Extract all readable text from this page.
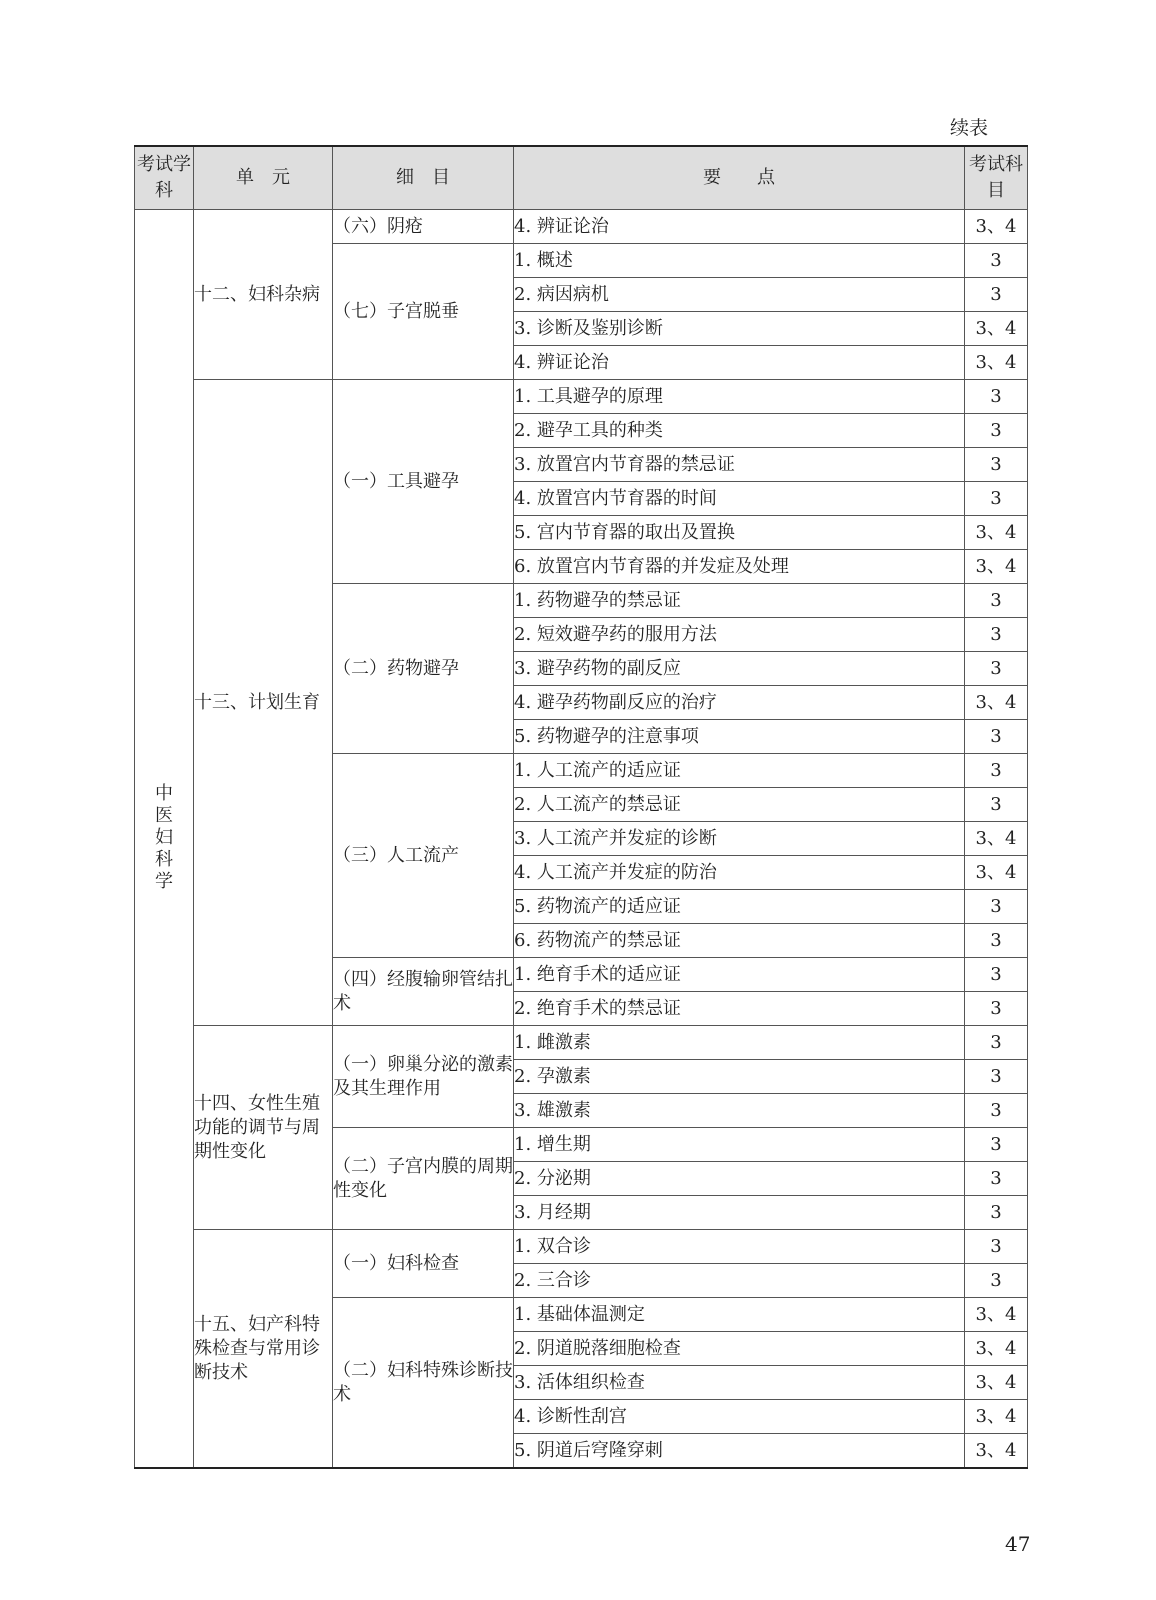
续表
考试学科	单　元	细　目	要　　点	考试科目
中医妇科学	十二、妇科杂病	（六）阴疮	4. 辨证论治	3、4
		（七）子宫脱垂	1. 概述	3
			2. 病因病机	3
			3. 诊断及鉴别诊断	3、4
			4. 辨证论治	3、4
	十三、计划生育	（一）工具避孕	1. 工具避孕的原理	3
			2. 避孕工具的种类	3
			3. 放置宫内节育器的禁忌证	3
			4. 放置宫内节育器的时间	3
			5. 宫内节育器的取出及置换	3、4
			6. 放置宫内节育器的并发症及处理	3、4
		（二）药物避孕	1. 药物避孕的禁忌证	3
			2. 短效避孕药的服用方法	3
			3. 避孕药物的副反应	3
			4. 避孕药物副反应的治疗	3、4
			5. 药物避孕的注意事项	3
		（三）人工流产	1. 人工流产的适应证	3
			2. 人工流产的禁忌证	3
			3. 人工流产并发症的诊断	3、4
			4. 人工流产并发症的防治	3、4
			5. 药物流产的适应证	3
			6. 药物流产的禁忌证	3
		（四）经腹输卵管结扎术	1. 绝育手术的适应证	3
			2. 绝育手术的禁忌证	3
	十四、女性生殖功能的调节与周期性变化	（一）卵巢分泌的激素及其生理作用	1. 雌激素	3
			2. 孕激素	3
			3. 雄激素	3
		（二）子宫内膜的周期性变化	1. 增生期	3
			2. 分泌期	3
			3. 月经期	3
	十五、妇产科特殊检查与常用诊断技术	（一）妇科检查	1. 双合诊	3
			2. 三合诊	3
		（二）妇科特殊诊断技术	1. 基础体温测定	3、4
			2. 阴道脱落细胞检查	3、4
			3. 活体组织检查	3、4
			4. 诊断性刮宫	3、4
			5. 阴道后穹隆穿刺	3、4
47
